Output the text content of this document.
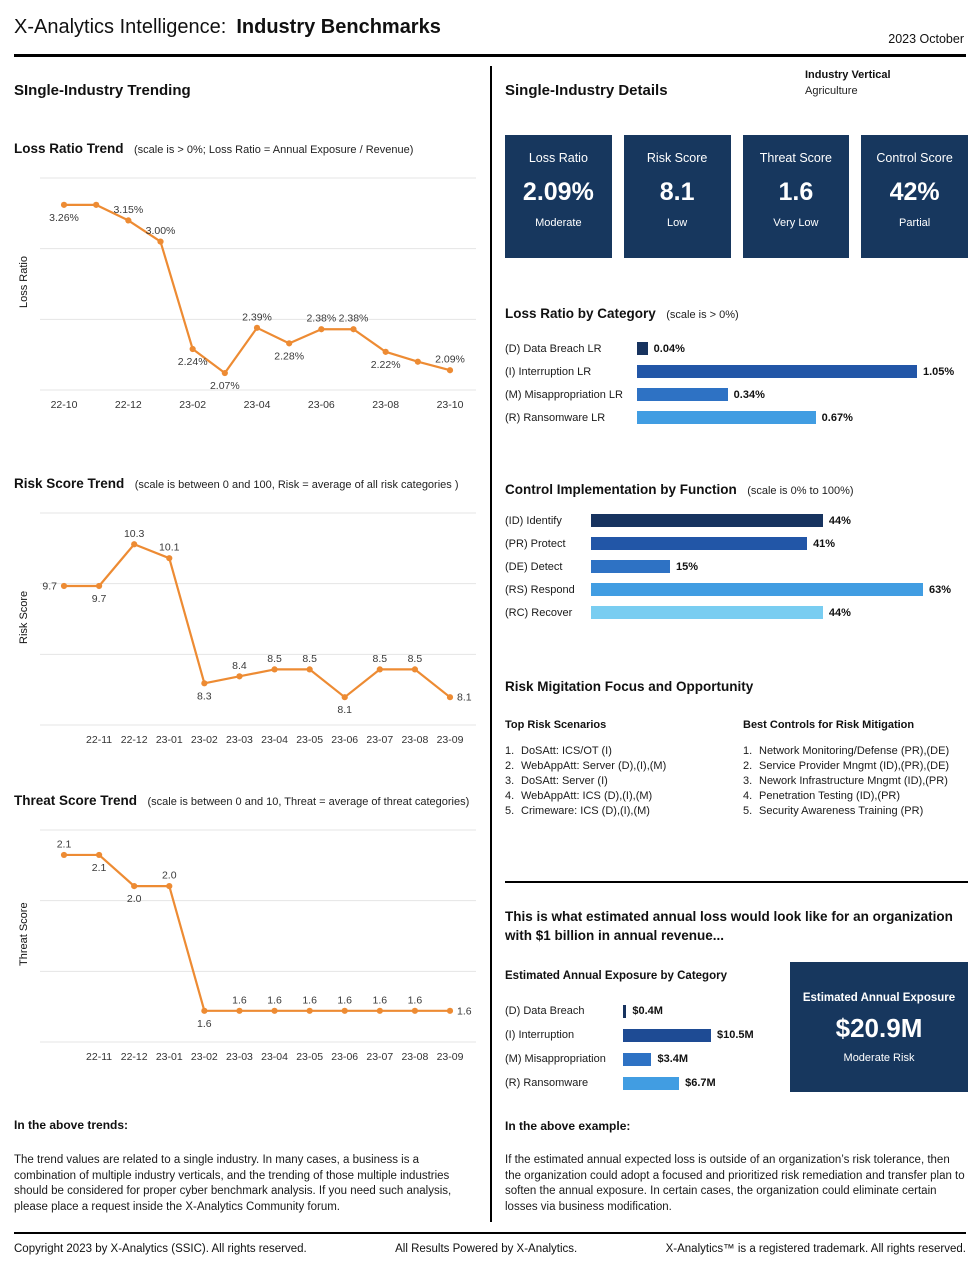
X-Analytics Intelligence: Industry Benchmarks
2023 October
SIngle-Industry Trending
Loss Ratio Trend (scale is > 0%; Loss Ratio = Annual Exposure / Revenue)
Loss Ratio
22-10	22-12	23-02	23-04	23-06	23-08	23-10
3.26%
3.15%
3.00%
2.24%
2.07%
2.39%
2.28%
2.38% 2.38%
2.22%	2.09%
Risk Score Trend (scale is between 0 and 100, Risk = average of all risk categories )
Risk Score
22-11 22-12 23-01 23-02 23-03 23-04 23-05 23-06 23-07 23-08 23-09
9.7
9.7
10.3
10.1
8.3
8.4
8.5 8.5
8.1
8.5 8.5
8.1
Threat Score Trend (scale is between 0 and 10, Threat = average of threat categories)
Threat Score
22-11 22-12 23-01 23-02 23-03 23-04 23-05 23-06 23-07 23-08 23-09
2.1
2.1
2.0
2.0
1.6
1.6 1.6 1.6 1.6 1.6 1.6
1.6
In the above trends:
The trend values are related to a single industry. In many cases, a business is a combination of multiple industry verticals, and the trending of those multiple industries should be considered for proper cyber benchmark analysis. If you need such analysis, please place a request inside the X-Analytics Community forum.
Industry Vertical
Agriculture
Single-Industry Details
Loss Ratio
2.09%
Moderate
Risk Score
8.1
Low
Threat Score
1.6
Very Low
Control Score
42%
Partial
Loss Ratio by Category (scale is > 0%)
(D) Data Breach LR	0.04%
(I) Interruption LR	1.05%
(M) Misappropriation LR	0.34%
(R) Ransomware LR	0.67%
Control Implementation by Function (scale is 0% to 100%)
(ID) Identify	44%
(PR) Protect	41%
(DE) Detect	15%
(RS) Respond	63%
(RC) Recover	44%
Risk Migitation Focus and Opportunity
Top Risk Scenarios
1. DoSAtt: ICS/OT (I)
2. WebAppAtt: Server (D),(I),(M)
3. DoSAtt: Server (I)
4. WebAppAtt: ICS (D),(I),(M)
5. Crimeware: ICS (D),(I),(M)
Best Controls for Risk Mitigation
1. Network Monitoring/Defense (PR),(DE)
2. Service Provider Mngmt (ID),(PR),(DE)
3. Nework Infrastructure Mngmt (ID),(PR)
4. Penetration Testing (ID),(PR)
5. Security Awareness Training (PR)
This is what estimated annual loss would look like for an organization with $1 billion in annual revenue...
Estimated Annual Exposure by Category
(D) Data Breach	$0.4M
(I) Interruption	$10.5M
(M) Misappropriation	$3.4M
(R) Ransomware	$6.7M
Estimated Annual Exposure
$20.9M
Moderate Risk
In the above example:
If the estimated annual expected loss is outside of an organization’s risk tolerance, then the organization could adopt a focused and prioritized risk remediation and transfer plan to soften the annual exposure. In certain cases, the organization could eliminate certain losses via business modification.
Copyright 2023 by X-Analytics (SSIC). All rights reserved.	All Results Powered by X-Analytics.	X-Analytics™ is a registered trademark. All rights reserved.
